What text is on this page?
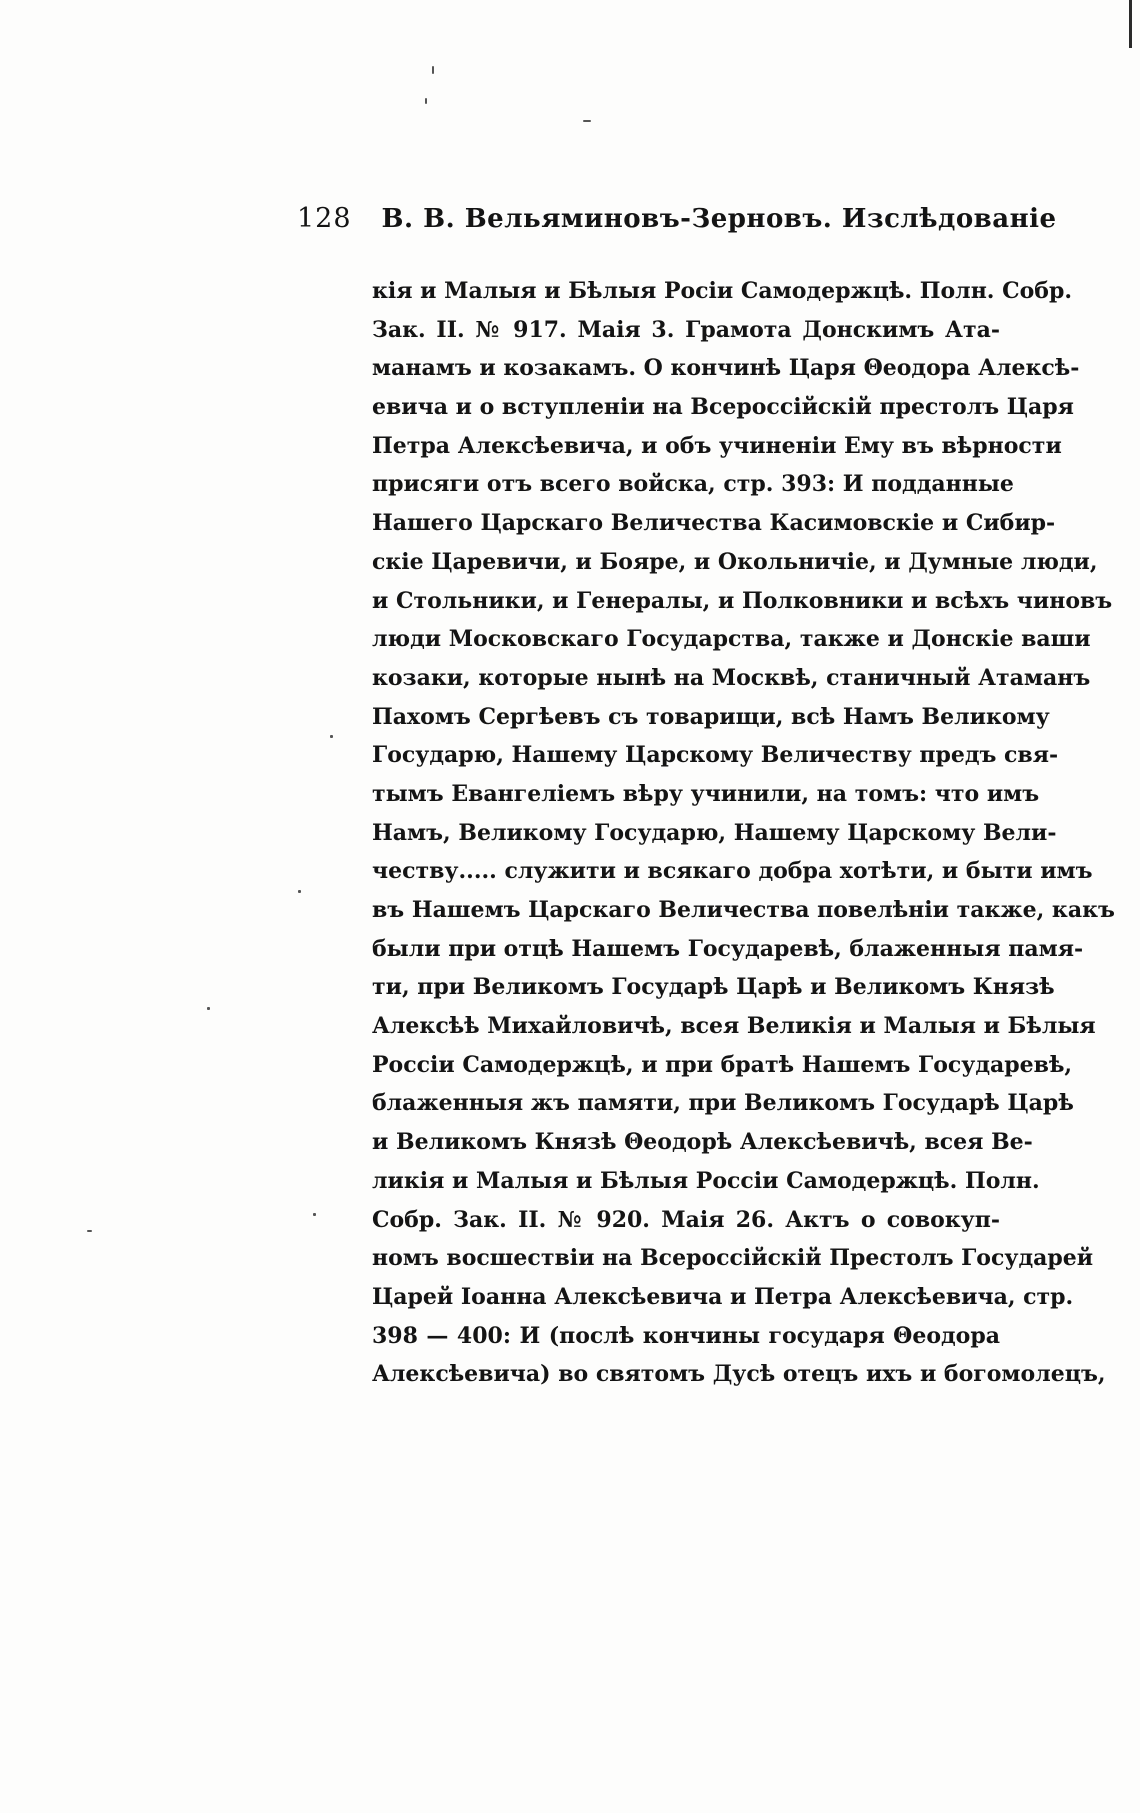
128 В. В. Вельяминовъ-Зерновъ. Изслѣдованіе
кія и Малыя и Бѣлыя Росіи Самодержцѣ. Полн. Собр.
Зак. II. № 917. Маія 3. Грамота Донскимъ Ата-
манамъ и козакамъ. О кончинѣ Царя Θеодора Алексѣ-
евича и о вступленіи на Всероссійскій престолъ Царя
Петра Алексѣевича, и объ учиненіи Ему въ вѣрности
присяги отъ всего войска, стр. 393: И подданные
Нашего Царскаго Величества Касимовскіе и Сибир-
скіе Царевичи, и Бояре, и Окольничіе, и Думные люди,
и Стольники, и Генералы, и Полковники и всѣхъ чиновъ
люди Московскаго Государства, также и Донскіе ваши
козаки, которые нынѣ на Москвѣ, станичный Атаманъ
Пахомъ Сергѣевъ съ товарищи, всѣ Намъ Великому
Государю, Нашему Царскому Величеству предъ свя-
тымъ Евангеліемъ вѣру учинили, на томъ: что имъ
Намъ, Великому Государю, Нашему Царскому Вели-
честву..... служити и всякаго добра хотѣти, и быти имъ
въ Нашемъ Царскаго Величества повелѣніи также, какъ
были при отцѣ Нашемъ Государевѣ, блаженныя памя-
ти, при Великомъ Государѣ Царѣ и Великомъ Князѣ
Алексѣѣ Михайловичѣ, всея Великія и Малыя и Бѣлыя
Россіи Самодержцѣ, и при братѣ Нашемъ Государевѣ,
блаженныя жъ памяти, при Великомъ Государѣ Царѣ
и Великомъ Князѣ Θеодорѣ Алексѣевичѣ, всея Ве-
ликія и Малыя и Бѣлыя Россіи Самодержцѣ. Полн.
Собр. Зак. II. № 920. Маія 26. Актъ о совокуп-
номъ восшествіи на Всероссійскій Престолъ Государей
Царей Іоанна Алексѣевича и Петра Алексѣевича, стр.
398 — 400: И (послѣ кончины государя Θеодора
Алексѣевича) во святомъ Дусѣ отецъ ихъ и богомолецъ,
